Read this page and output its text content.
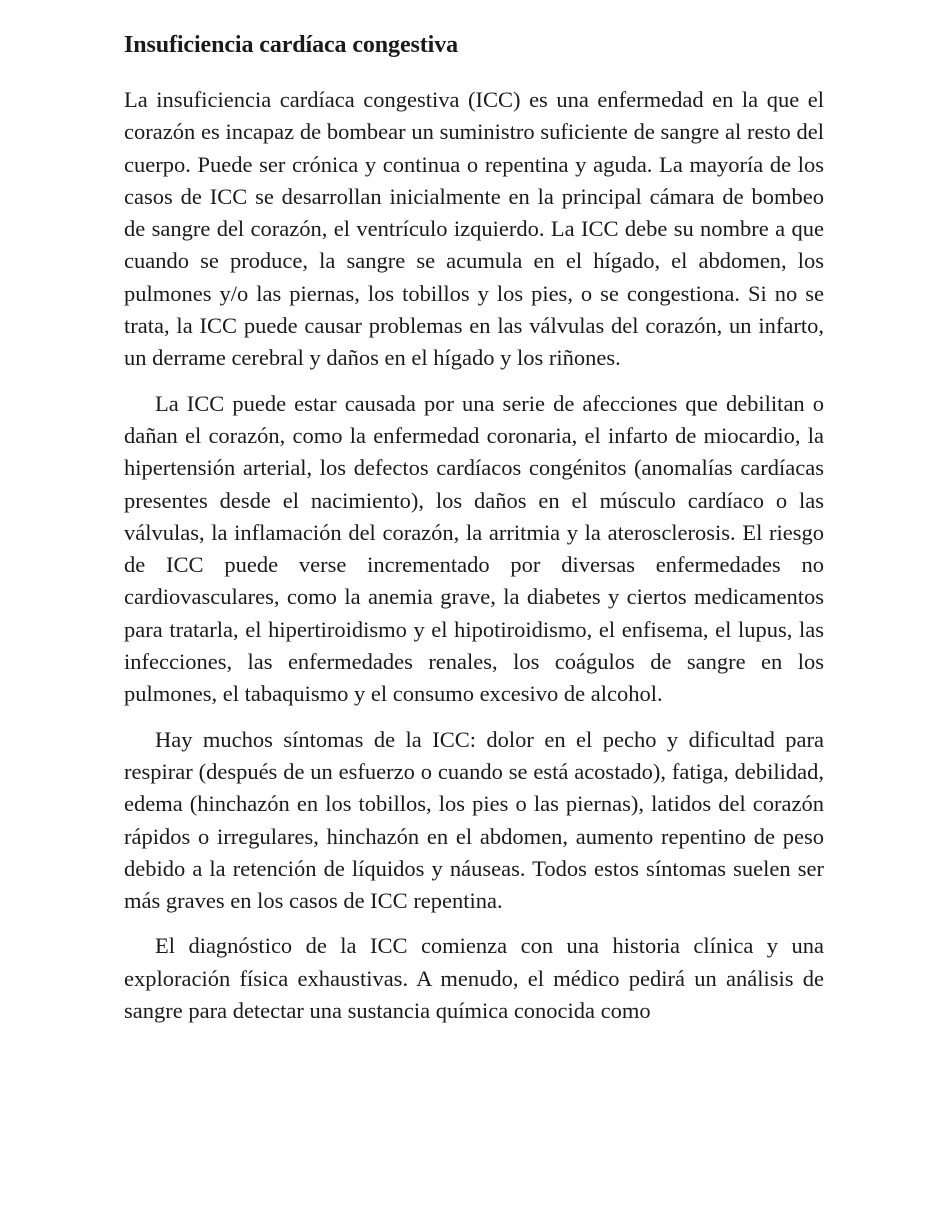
Insuficiencia cardíaca congestiva

La insuficiencia cardíaca congestiva (ICC) es una enfermedad en la que el corazón es incapaz de bombear un suministro suficiente de sangre al resto del cuerpo. Puede ser crónica y continua o repentina y aguda. La mayoría de los casos de ICC se desarrollan inicialmente en la principal cámara de bombeo de sangre del corazón, el ventrículo izquierdo. La ICC debe su nombre a que cuando se produce, la sangre se acumula en el hígado, el abdomen, los pulmones y/o las piernas, los tobillos y los pies, o se congestiona. Si no se trata, la ICC puede causar problemas en las válvulas del corazón, un infarto, un derrame cerebral y daños en el hígado y los riñones.

La ICC puede estar causada por una serie de afecciones que debilitan o dañan el corazón, como la enfermedad coronaria, el infarto de miocardio, la hipertensión arterial, los defectos cardíacos congénitos (anomalías cardíacas presentes desde el nacimiento), los daños en el músculo cardíaco o las válvulas, la inflamación del corazón, la arritmia y la aterosclerosis. El riesgo de ICC puede verse incrementado por diversas enfermedades no cardiovasculares, como la anemia grave, la diabetes y ciertos medicamentos para tratarla, el hipertiroidismo y el hipotiroidismo, el enfisema, el lupus, las infecciones, las enfermedades renales, los coágulos de sangre en los pulmones, el tabaquismo y el consumo excesivo de alcohol.

Hay muchos síntomas de la ICC: dolor en el pecho y dificultad para respirar (después de un esfuerzo o cuando se está acostado), fatiga, debilidad, edema (hinchazón en los tobillos, los pies o las piernas), latidos del corazón rápidos o irregulares, hinchazón en el abdomen, aumento repentino de peso debido a la retención de líquidos y náuseas. Todos estos síntomas suelen ser más graves en los casos de ICC repentina.

El diagnóstico de la ICC comienza con una historia clínica y una exploración física exhaustivas. A menudo, el médico pedirá un análisis de sangre para detectar una sustancia química conocida como
